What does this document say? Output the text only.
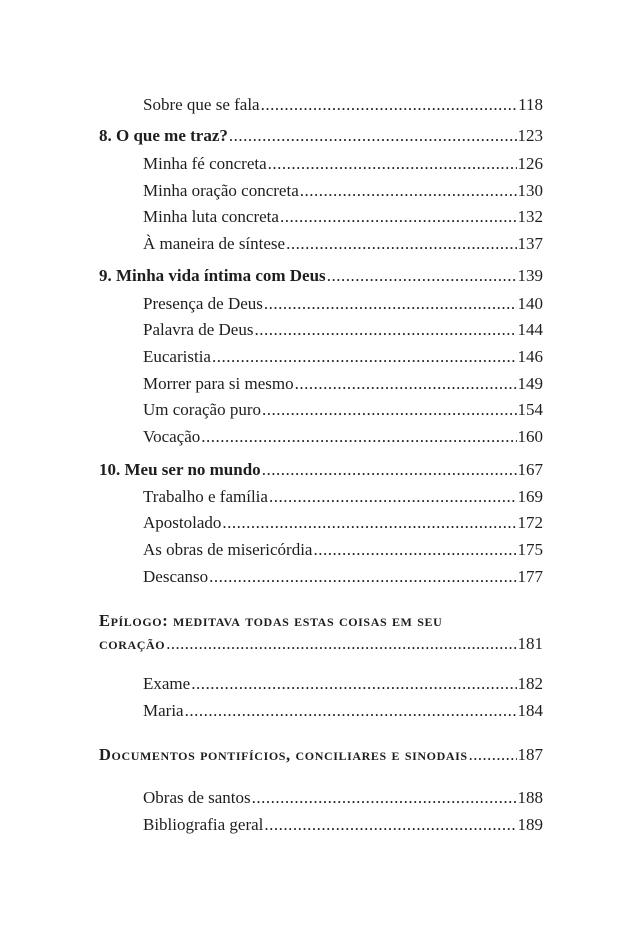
Sobre que se fala .....	118
8. O que me traz? .....	123
Minha fé concreta .....	126
Minha oração concreta .....	130
Minha luta concreta .....	132
À maneira de síntese .....	137
9. Minha vida íntima com Deus .....	139
Presença de Deus .....	140
Palavra de Deus .....	144
Eucaristia .....	146
Morrer para si mesmo .....	149
Um coração puro .....	154
Vocação .....	160
10. Meu ser no mundo .....	167
Trabalho e família .....	169
Apostolado .....	172
As obras de misericórdia .....	175
Descanso .....	177
Epílogo: meditava todas estas coisas em seu
coração .....	181
Exame .....	182
Maria .....	184
Documentos pontifícios, conciliares e sinodais .....	187
Obras de santos .....	188
Bibliografia geral .....	189
